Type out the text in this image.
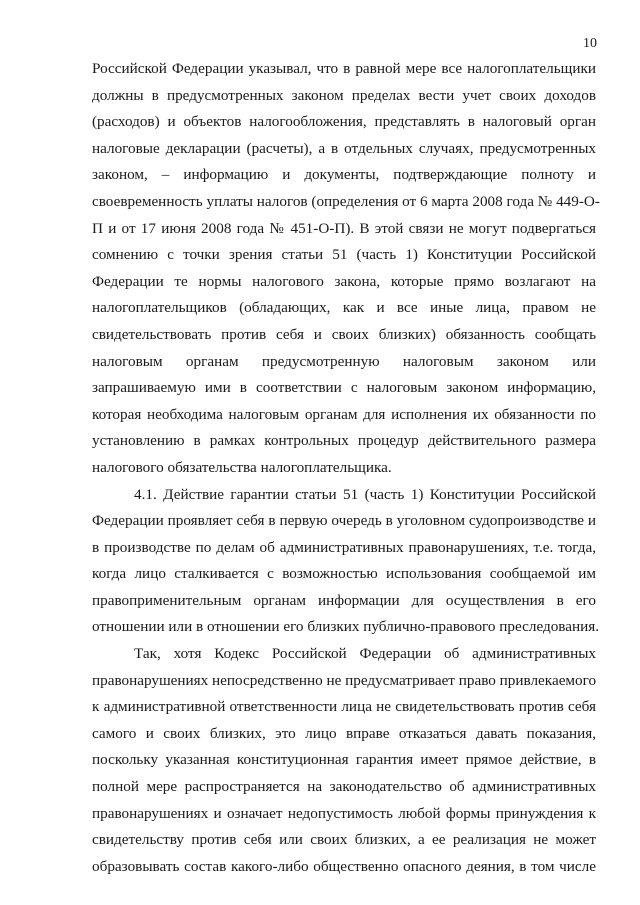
10
Российской Федерации указывал, что в равной мере все налогоплательщики
должны в предусмотренных законом пределах вести учет своих доходов
(расходов) и объектов налогообложения, представлять в налоговый орган
налоговые декларации (расчеты), а в отдельных случаях, предусмотренных
законом, – информацию и документы, подтверждающие полноту и
своевременность уплаты налогов (определения от 6 марта 2008 года № 449-О-
П и от 17 июня 2008 года № 451-О-П). В этой связи не могут подвергаться
сомнению с точки зрения статьи 51 (часть 1) Конституции Российской
Федерации те нормы налогового закона, которые прямо возлагают на
налогоплательщиков (обладающих, как и все иные лица, правом не
свидетельствовать против себя и своих близких) обязанность сообщать
налоговым органам предусмотренную налоговым законом или
запрашиваемую ими в соответствии с налоговым законом информацию,
которая необходима налоговым органам для исполнения их обязанности по
установлению в рамках контрольных процедур действительного размера
налогового обязательства налогоплательщика.
4.1. Действие гарантии статьи 51 (часть 1) Конституции Российской
Федерации проявляет себя в первую очередь в уголовном судопроизводстве и
в производстве по делам об административных правонарушениях, т.е. тогда,
когда лицо сталкивается с возможностью использования сообщаемой им
правоприменительным органам информации для осуществления в его
отношении или в отношении его близких публично-правового преследования.
Так, хотя Кодекс Российской Федерации об административных
правонарушениях непосредственно не предусматривает право привлекаемого
к административной ответственности лица не свидетельствовать против себя
самого и своих близких, это лицо вправе отказаться давать показания,
поскольку указанная конституционная гарантия имеет прямое действие, в
полной мере распространяется на законодательство об административных
правонарушениях и означает недопустимость любой формы принуждения к
свидетельству против себя или своих близких, а ее реализация не может
образовывать состав какого-либо общественно опасного деяния, в том числе
